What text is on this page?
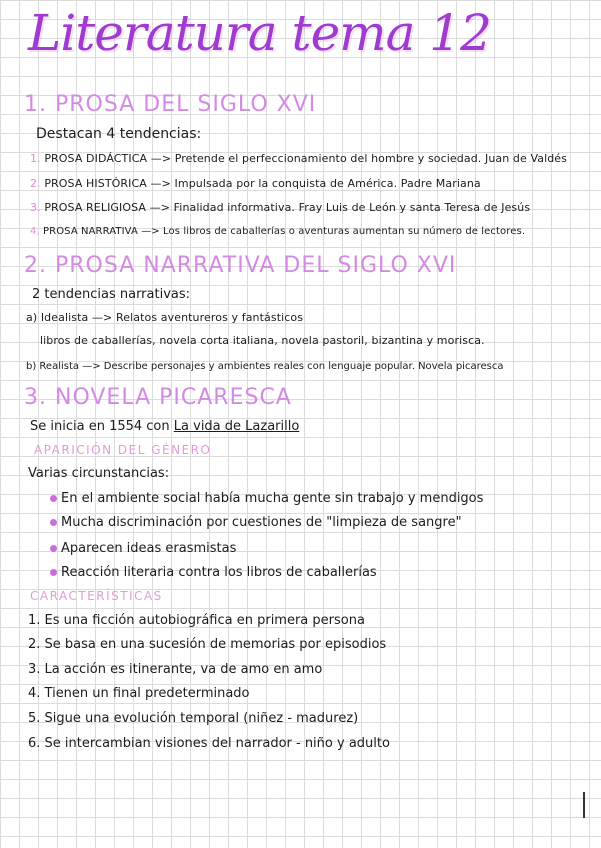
Literatura tema 12
1. PROSA DEL SIGLO XVI
Destacan 4 tendencias:
1. PROSA DIDÁCTICA —> Pretende el perfeccionamiento del hombre y sociedad. Juan de Valdés
2. PROSA HISTÓRICA —> Impulsada por la conquista de América. Padre Mariana
3. PROSA RELIGIOSA —> Finalidad informativa. Fray Luis de León y santa Teresa de Jesús
4. PROSA NARRATIVA —> Los libros de caballerías o aventuras aumentan su número de lectores.
2. PROSA NARRATIVA DEL SIGLO XVI
2 tendencias narrativas:
a) Idealista —> Relatos aventureros y fantásticos
libros de caballerías, novela corta italiana, novela pastoril, bizantina y morisca.
b) Realista —> Describe personajes y ambientes reales con lenguaje popular. Novela picaresca
3. NOVELA PICARESCA
Se inicia en 1554 con La vida de Lazarillo
APARICIÓN DEL GÉNERO
Varias circunstancias:
En el ambiente social había mucha gente sin trabajo y mendigos
Mucha discriminación por cuestiones de "limpieza de sangre"
Aparecen ideas erasmistas
Reacción literaria contra los libros de caballerías
CARACTERÍSTICAS
1. Es una ficción autobiográfica en primera persona
2. Se basa en una sucesión de memorias por episodios
3. La acción es itinerante, va de amo en amo
4. Tienen un final predeterminado
5. Sigue una evolución temporal (niñez - madurez)
6. Se intercambian visiones del narrador - niño y adulto
